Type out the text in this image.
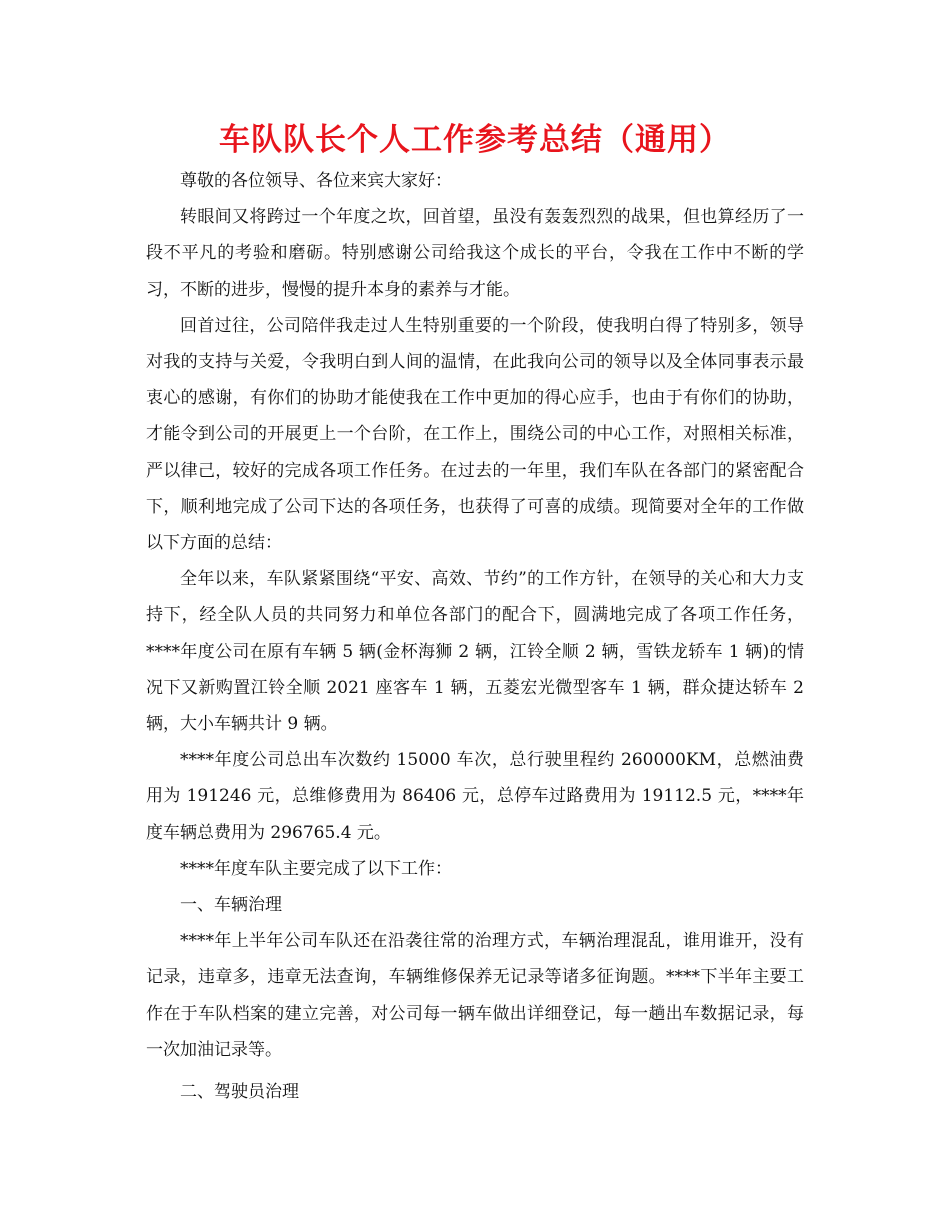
车队队长个人工作参考总结（通用）

尊敬的各位领导、各位来宾大家好：

转眼间又将跨过一个年度之坎，回首望，虽没有轰轰烈烈的战果，但也算经历了一段不平凡的考验和磨砺。特别感谢公司给我这个成长的平台，令我在工作中不断的学习，不断的进步，慢慢的提升本身的素养与才能。

回首过往，公司陪伴我走过人生特别重要的一个阶段，使我明白得了特别多，领导对我的支持与关爱，令我明白到人间的温情，在此我向公司的领导以及全体同事表示最衷心的感谢，有你们的协助才能使我在工作中更加的得心应手，也由于有你们的协助，才能令到公司的开展更上一个台阶，在工作上，围绕公司的中心工作，对照相关标准，严以律己，较好的完成各项工作任务。在过去的一年里，我们车队在各部门的紧密配合下，顺利地完成了公司下达的各项任务，也获得了可喜的成绩。现简要对全年的工作做以下方面的总结：

全年以来，车队紧紧围绕“平安、高效、节约”的工作方针，在领导的关心和大力支持下，经全队人员的共同努力和单位各部门的配合下，圆满地完成了各项工作任务，****年度公司在原有车辆 5 辆(金杯海狮 2 辆，江铃全顺 2 辆，雪铁龙轿车 1 辆)的情况下又新购置江铃全顺 2021 座客车 1 辆，五菱宏光微型客车 1 辆，群众捷达轿车 2 辆，大小车辆共计 9 辆。

****年度公司总出车次数约 15000 车次，总行驶里程约 260000KM，总燃油费用为 191246 元，总维修费用为 86406 元，总停车过路费用为 19112.5 元，****年度车辆总费用为 296765.4 元。

****年度车队主要完成了以下工作：

一、车辆治理

****年上半年公司车队还在沿袭往常的治理方式，车辆治理混乱，谁用谁开，没有记录，违章多，违章无法查询，车辆维修保养无记录等诸多征询题。****下半年主要工作在于车队档案的建立完善，对公司每一辆车做出详细登记，每一趟出车数据记录，每一次加油记录等。

二、驾驶员治理
